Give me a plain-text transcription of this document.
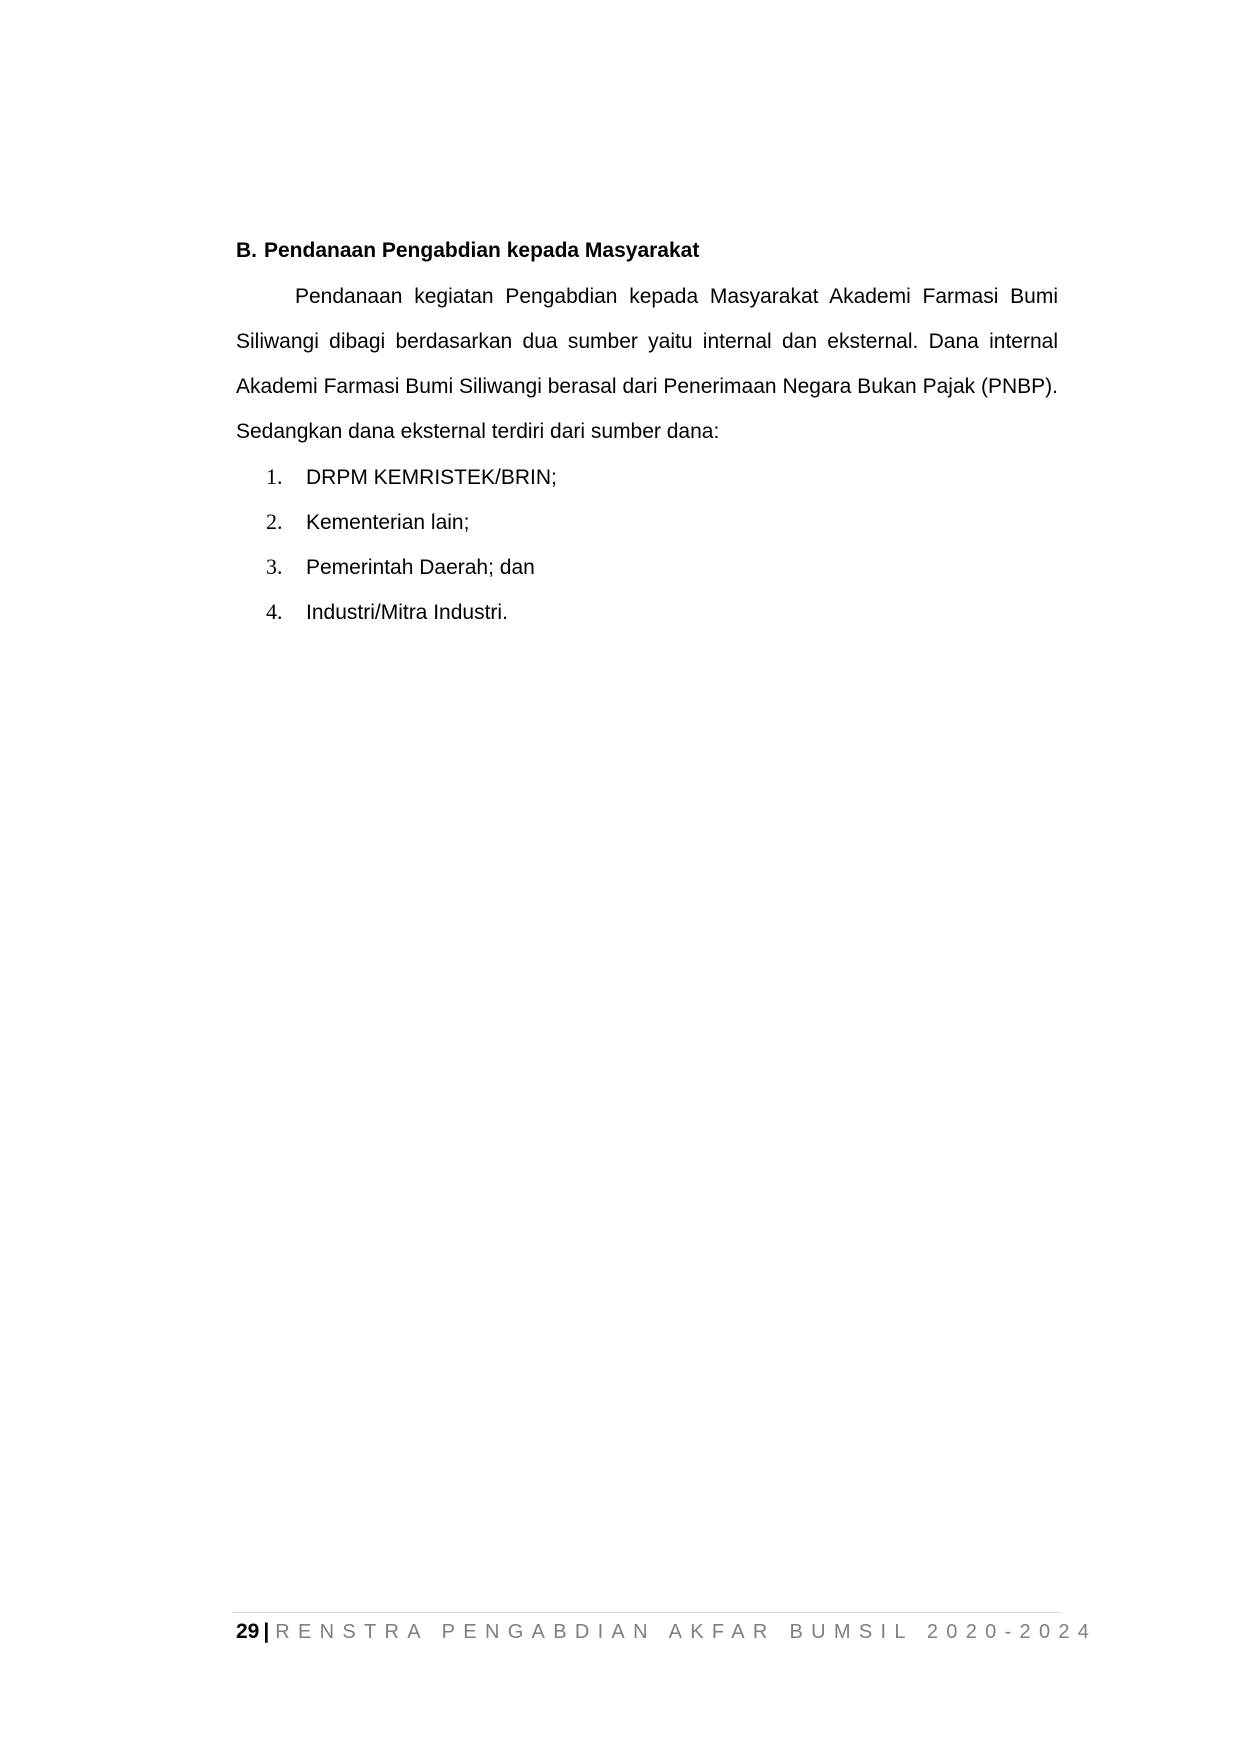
B. Pendanaan Pengabdian kepada Masyarakat

Pendanaan kegiatan Pengabdian kepada Masyarakat Akademi Farmasi Bumi Siliwangi dibagi berdasarkan dua sumber yaitu internal dan eksternal. Dana internal Akademi Farmasi Bumi Siliwangi berasal dari Penerimaan Negara Bukan Pajak (PNBP). Sedangkan dana eksternal terdiri dari sumber dana:

1. DRPM KEMRISTEK/BRIN;
2. Kementerian lain;
3. Pemerintah Daerah; dan
4. Industri/Mitra Industri.
29 | RENSTRA PENGABDIAN AKFAR BUMSIL 2020-2024
